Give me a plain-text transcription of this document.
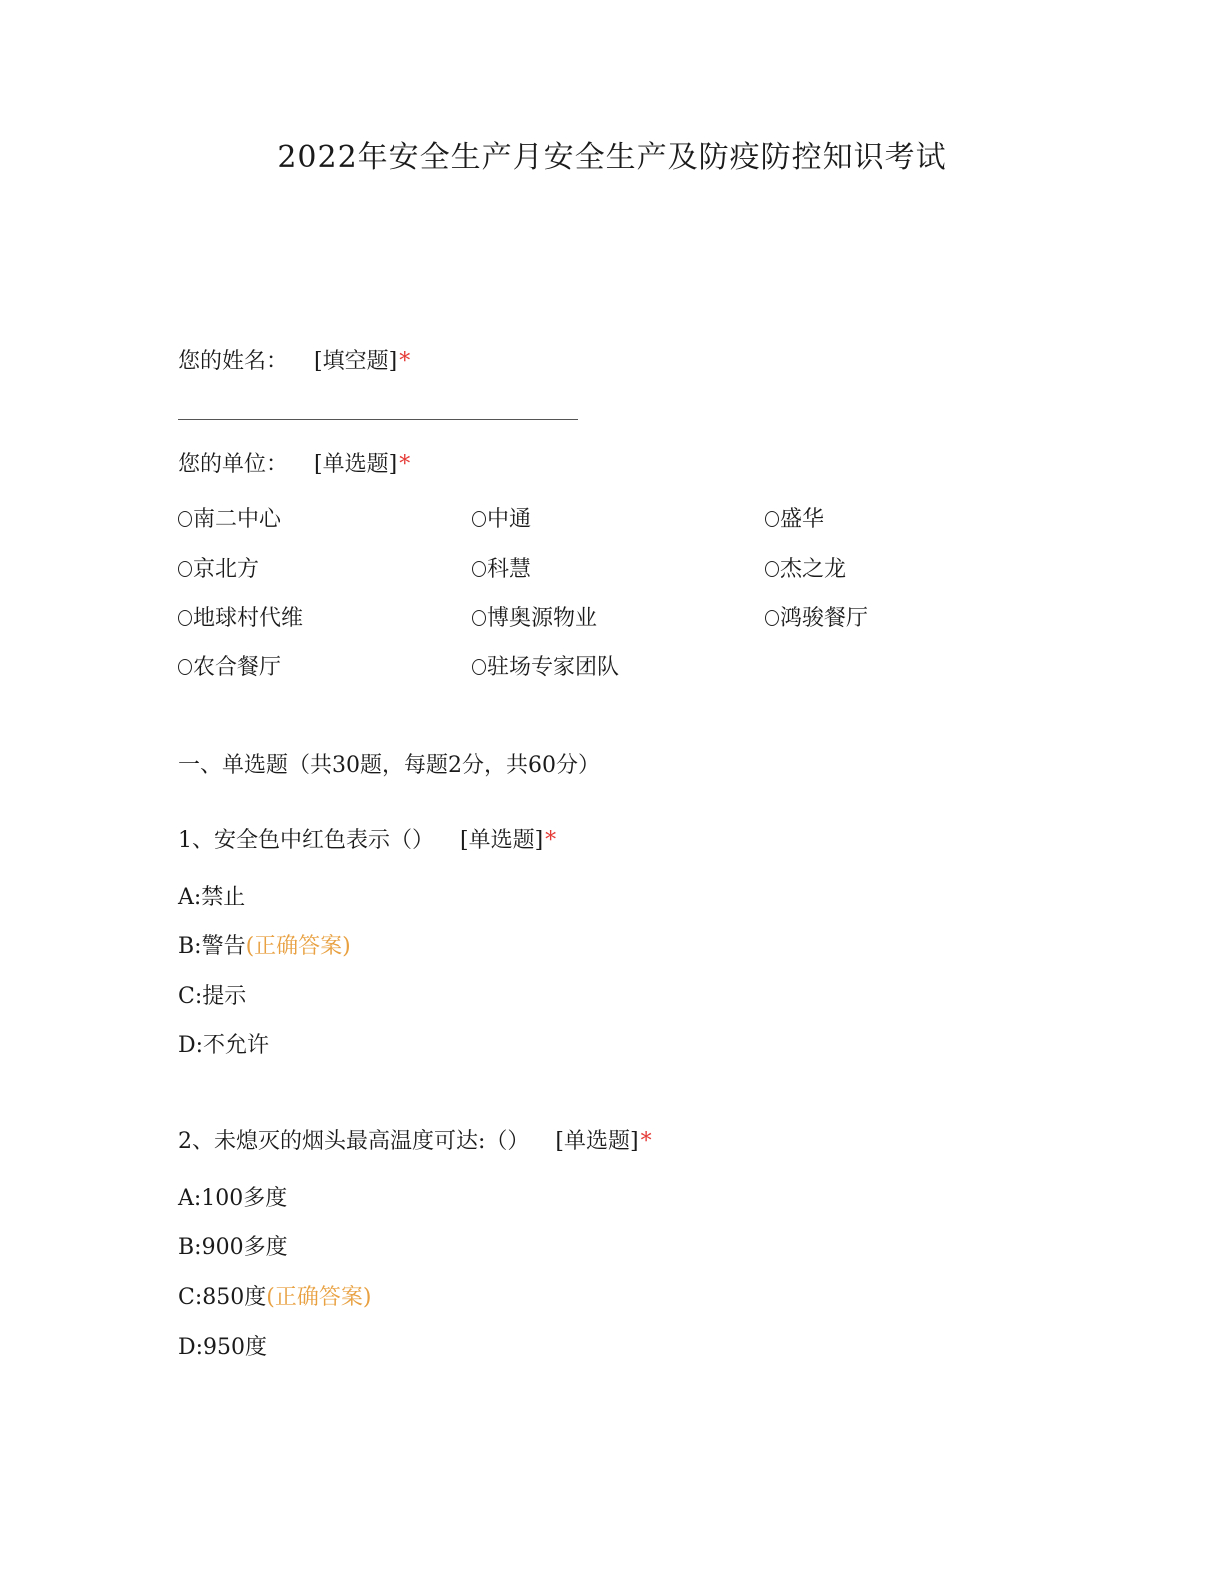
2022年安全生产月安全生产及防疫防控知识考试
您的姓名： [填空题]*
您的单位： [单选题]*
南二中心	中通	盛华
京北方	科慧	杰之龙
地球村代维	博奥源物业	鸿骏餐厅
农合餐厅	驻场专家团队
一、单选题（共30题，每题2分，共60分）
1、安全色中红色表示（） [单选题]*
A:禁止
B:警告(正确答案)
C:提示
D:不允许
2、未熄灭的烟头最高温度可达:（） [单选题]*
A:100多度
B:900多度
C:850度(正确答案)
D:950度
